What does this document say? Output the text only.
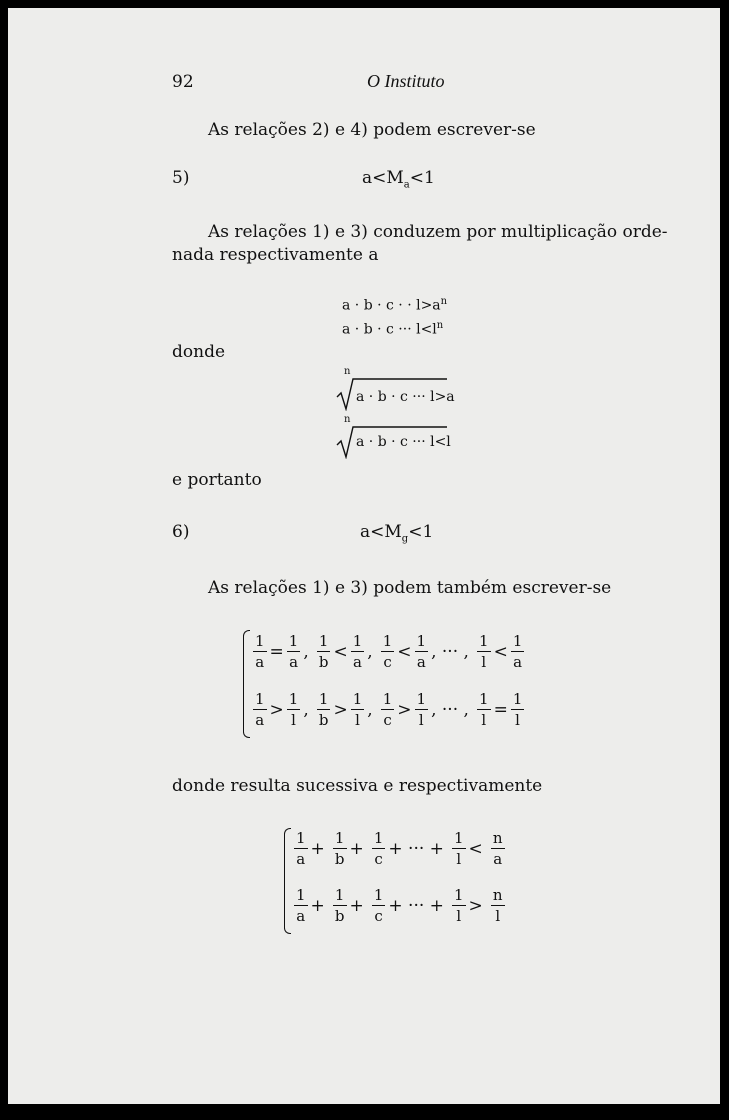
92	O Instituto
As relações 2) e 4) podem escrever-se
5)	$a<M_a<1$
As relações 1) e 3) conduzem por multiplicação orde-
nada respectivamente a
a · b · c · · $l>a^n$
a · b · c ··· $l<l^n$
donde
n
a · b · c ··· l>a
n
a · b · c ··· l<l
e portanto
6)	$a<M_g<1$
As relações 1) e 3) podem também escrever-se
$\frac{1}{a} = \frac{1}{a}$ , $\frac{1}{b} < \frac{1}{a}$ , $\frac{1}{c} < \frac{1}{a}$ , ··· , $\frac{1}{l} < \frac{1}{a}$
$\frac{1}{a} > \frac{1}{l}$ , $\frac{1}{b} > \frac{1}{l}$ , $\frac{1}{c} > \frac{1}{l}$ , ··· , $\frac{1}{l} = \frac{1}{l}$
donde resulta sucessiva e respectivamente
$\frac{1}{a} + \frac{1}{b} + \frac{1}{c}$ + ··· + $\frac{1}{l} < \frac{n}{a}$
$\frac{1}{a} + \frac{1}{b} + \frac{1}{c}$ + ··· + $\frac{1}{l} > \frac{n}{l}$
